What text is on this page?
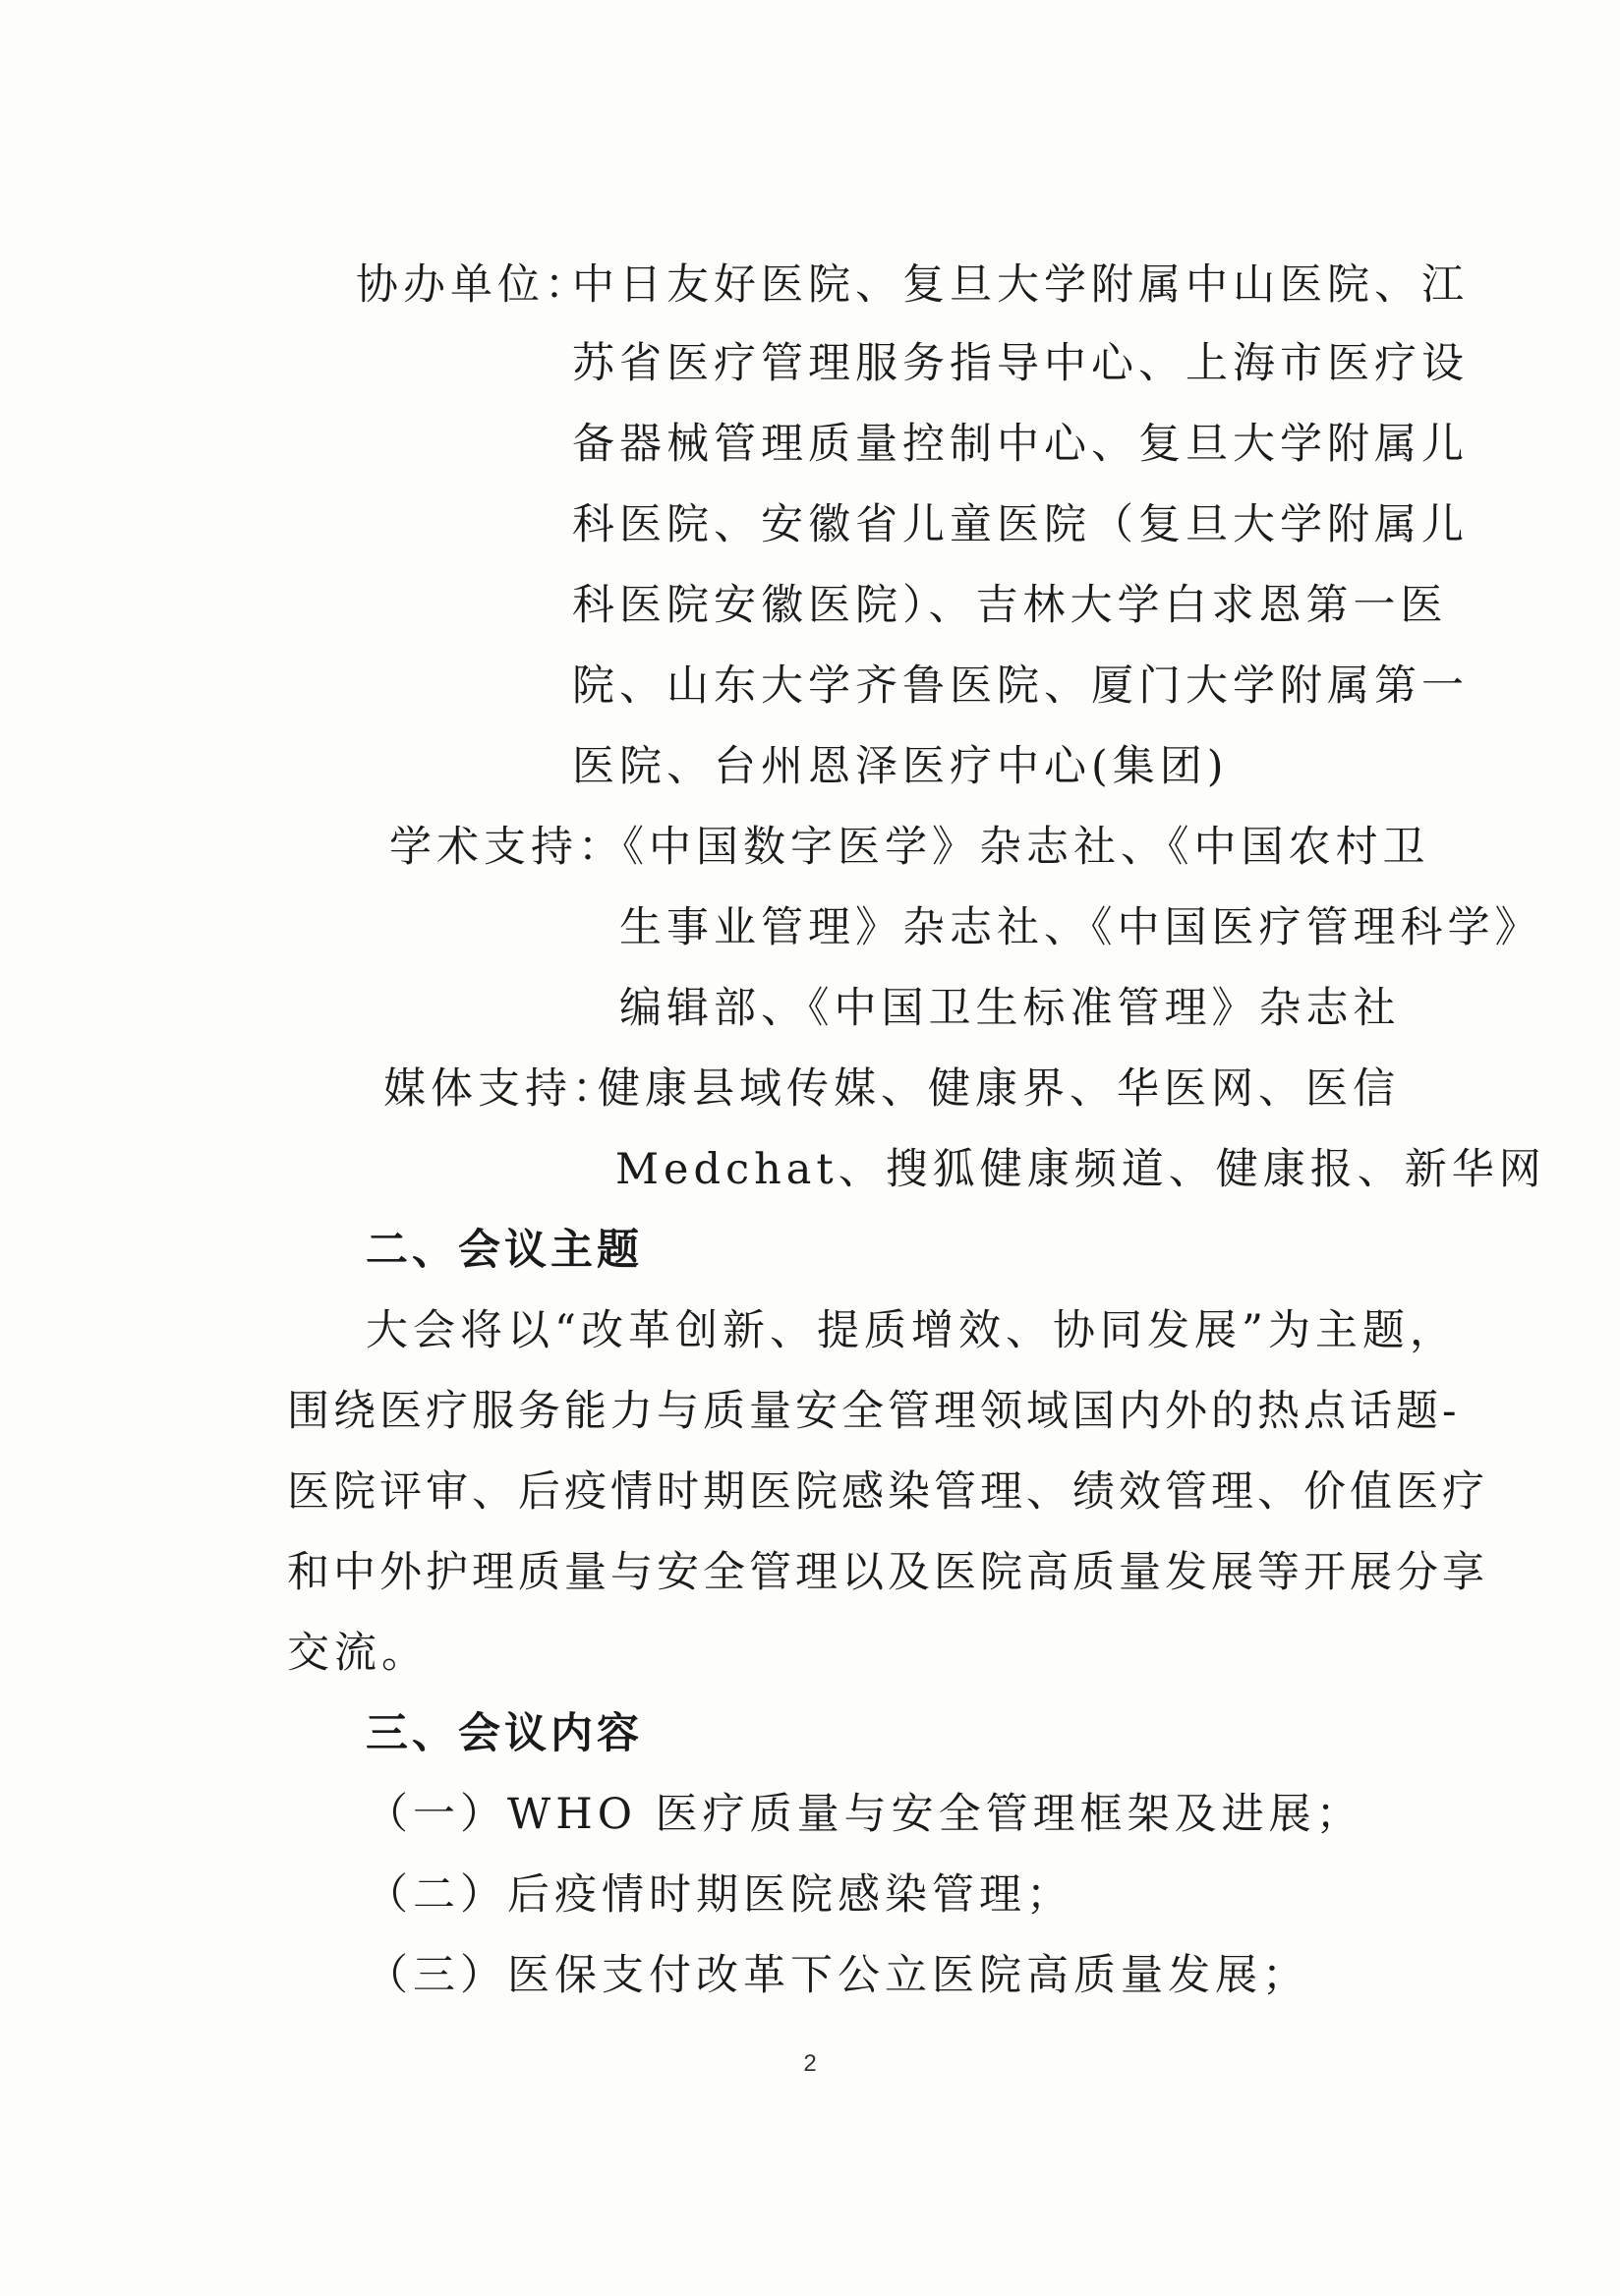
协办单位：
中日友好医院、复旦大学附属中山医院、江
苏省医疗管理服务指导中心、上海市医疗设
备器械管理质量控制中心、复旦大学附属儿
科医院、安徽省儿童医院（复旦大学附属儿
科医院安徽医院）、吉林大学白求恩第一医
院、山东大学齐鲁医院、厦门大学附属第一
医院、台州恩泽医疗中心(集团)
学术支持：
《中国数字医学》杂志社、《中国农村卫
生事业管理》杂志社、《中国医疗管理科学》
编辑部、《中国卫生标准管理》杂志社
媒体支持：
健康县域传媒、健康界、华医网、医信
Medchat、搜狐健康频道、健康报、新华网
二、会议主题
大会将以“改革创新、提质增效、协同发展”为主题，
围绕医疗服务能力与质量安全管理领域国内外的热点话题-
医院评审、后疫情时期医院感染管理、绩效管理、价值医疗
和中外护理质量与安全管理以及医院高质量发展等开展分享
交流。
三、会议内容
（一）WHO 医疗质量与安全管理框架及进展；
（二）后疫情时期医院感染管理；
（三）医保支付改革下公立医院高质量发展；
2
